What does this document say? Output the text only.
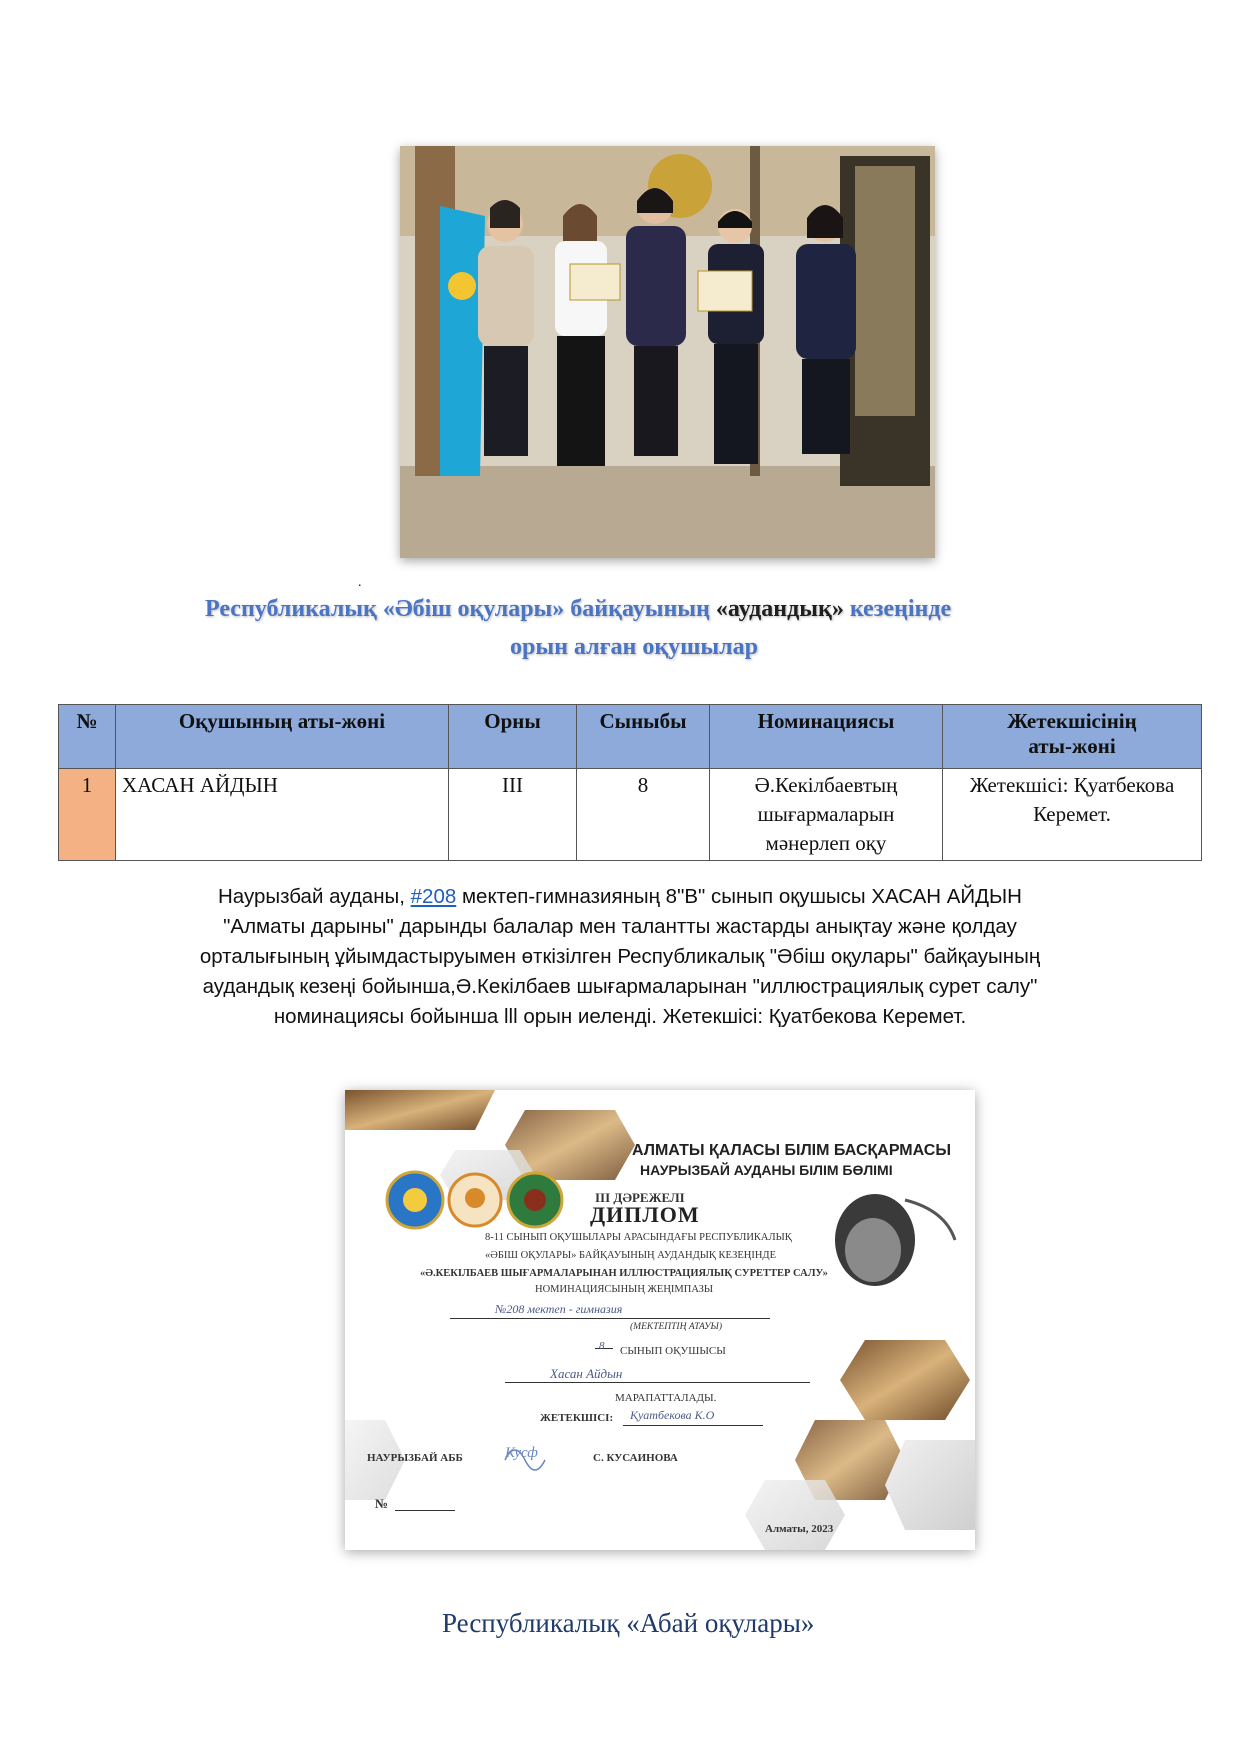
.
Республикалық «Әбіш оқулары» байқауының «аудандық» кезеңінде
орын алған оқушылар
№	Оқушының аты-жөні	Орны	Сыныбы	Номинациясы	Жетекшісінің
аты-жөні

1	ХАСАН АЙДЫН	III	8	Ә.Кекілбаевтың
шығармаларын
мәнерлеп оқу	Жетекшісі: Қуатбекова
Керемет.
Наурызбай ауданы, #208 мектеп-гимназияның 8"В" сынып оқушысы ХАСАН АЙДЫН
"Алматы дарыны" дарынды балалар мен талантты жастарды анықтау және қолдау
орталығының ұйымдастыруымен өткізілген Республикалық "Әбіш оқулары" байқауының
аудандық кезеңі бойынша,Ә.Кекілбаев шығармаларынан "иллюстрациялық сурет салу"
номинациясы бойынша lll орын иеленді. Жетекшісі: Қуатбекова Керемет.
АЛМАТЫ ҚАЛАСЫ БІЛІМ БАСҚАРМАСЫ
НАУРЫЗБАЙ АУДАНЫ БІЛІМ БӨЛІМІ
III ДӘРЕЖЕЛІ
ДИПЛОМ
8-11 СЫНЫП ОҚУШЫЛАРЫ АРАСЫНДАҒЫ РЕСПУБЛИКАЛЫҚ
«ӘБІШ ОҚУЛАРЫ» БАЙҚАУЫНЫҢ АУДАНДЫҚ КЕЗЕҢІНДЕ
«Ә.КЕКІЛБАЕВ ШЫҒАРМАЛАРЫНАН ИЛЛЮСТРАЦИЯЛЫҚ СУРЕТТЕР САЛУ»
НОМИНАЦИЯСЫНЫҢ ЖЕҢІМПАЗЫ
№208 мектеп - гимназия
(МЕКТЕПТІҢ АТАУЫ)
8 СЫНЫП ОҚУШЫСЫ
Хасан Айдын
МАРАПАТТАЛАДЫ.
ЖЕТЕКШІСІ: Қуатбекова К.О
НАУРЫЗБАЙ АББ	Кусф	С. КУСАИНОВА
№
Алматы, 2023
Республикалық «Абай оқулары»
